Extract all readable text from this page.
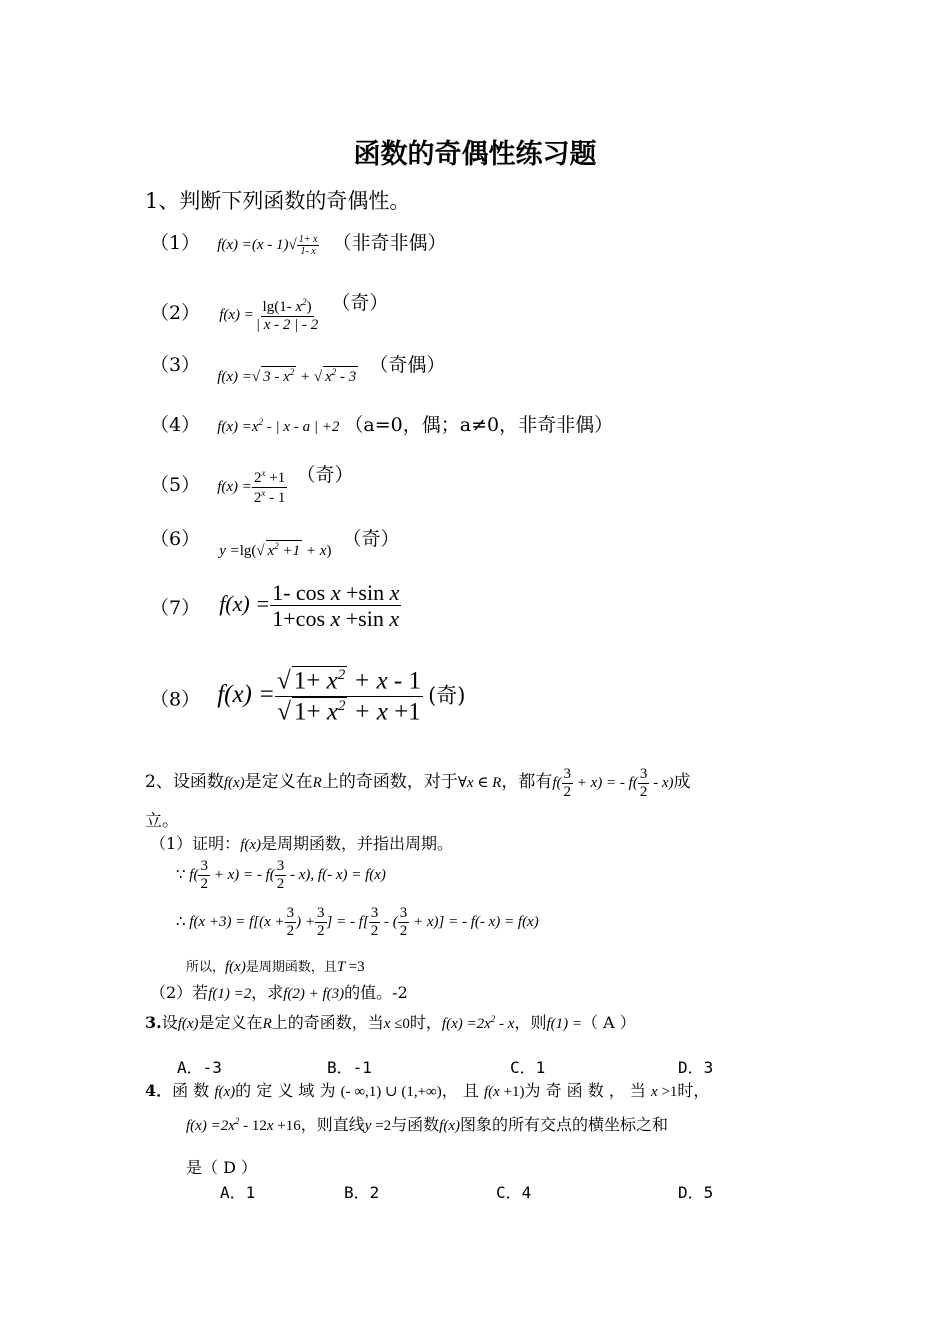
函数的奇偶性练习题
1、判断下列函数的奇偶性。
（1） $f(x) =(x - 1)√ \frac{1+ x}{1- x}$ （非奇非偶）
（2） $f(x) = \frac{\lg(1- x^2)}{| x - 2 | - 2}$ （奇）
（3） f(x) =√ $3 - x^2$ + √ $x^2 - 3$ （奇偶）
（4） $f(x) =x^2$ - | x - a | +2 （a=0，偶；a≠0，非奇非偶）
（5） $f(x) = \frac{2^x +1}{2^x - 1}$ （奇）
（6） y =lg(√ $x^2 +1 + x$) （奇）
（7） $f(x) = \frac{\text{1- cos x +sin x}}{\text{1+cos x +sin x}}$
（8） $f(x) = \frac{√ 1+ x^2 + x - 1}{√ 1+ x^2 + x +1}$ (奇)
2、设函数f(x)是定义在R上的奇函数，对于∀x ∈ R，都有$f( \frac{3}{2} + x)$ = - $f( \frac{3}{2} - x)$成
立。
（1）证明：f(x)是周期函数，并指出周期。
∵ $f( \frac{3}{2} + x)$ = - $f( \frac{3}{2} - x)$, f(- x) = f(x)
∴ $f(x +3) = f[(x + \frac{3}{2}$ ) + $\frac{3}{2}$ ] = - $f[ \frac{3}{2}$ - ( $\frac{3}{2} + x$)] = - f(- x) = f(x)
所以，f(x)是周期函数，且T =3
（2）若f(1) =2，求f(2) + f(3)的值。-2
3.设f(x)是定义在R上的奇函数，当x ≤0时，$f(x) =2x^2 - x$，则f(1) =（ A ）
A．-3	B．-1	C．1	D．3
4．函 数 f(x)的 定 义 域 为 (- ∞,1) ∪ (1,+∞)， 且 f(x +1)为 奇 函 数 ， 当 x >1时，
$f(x) =2x^2 - 12x +16$，则直线y =2与函数f(x)图象的所有交点的横坐标之和
是（ D ）
A．1	B．2	C．4	D．5
